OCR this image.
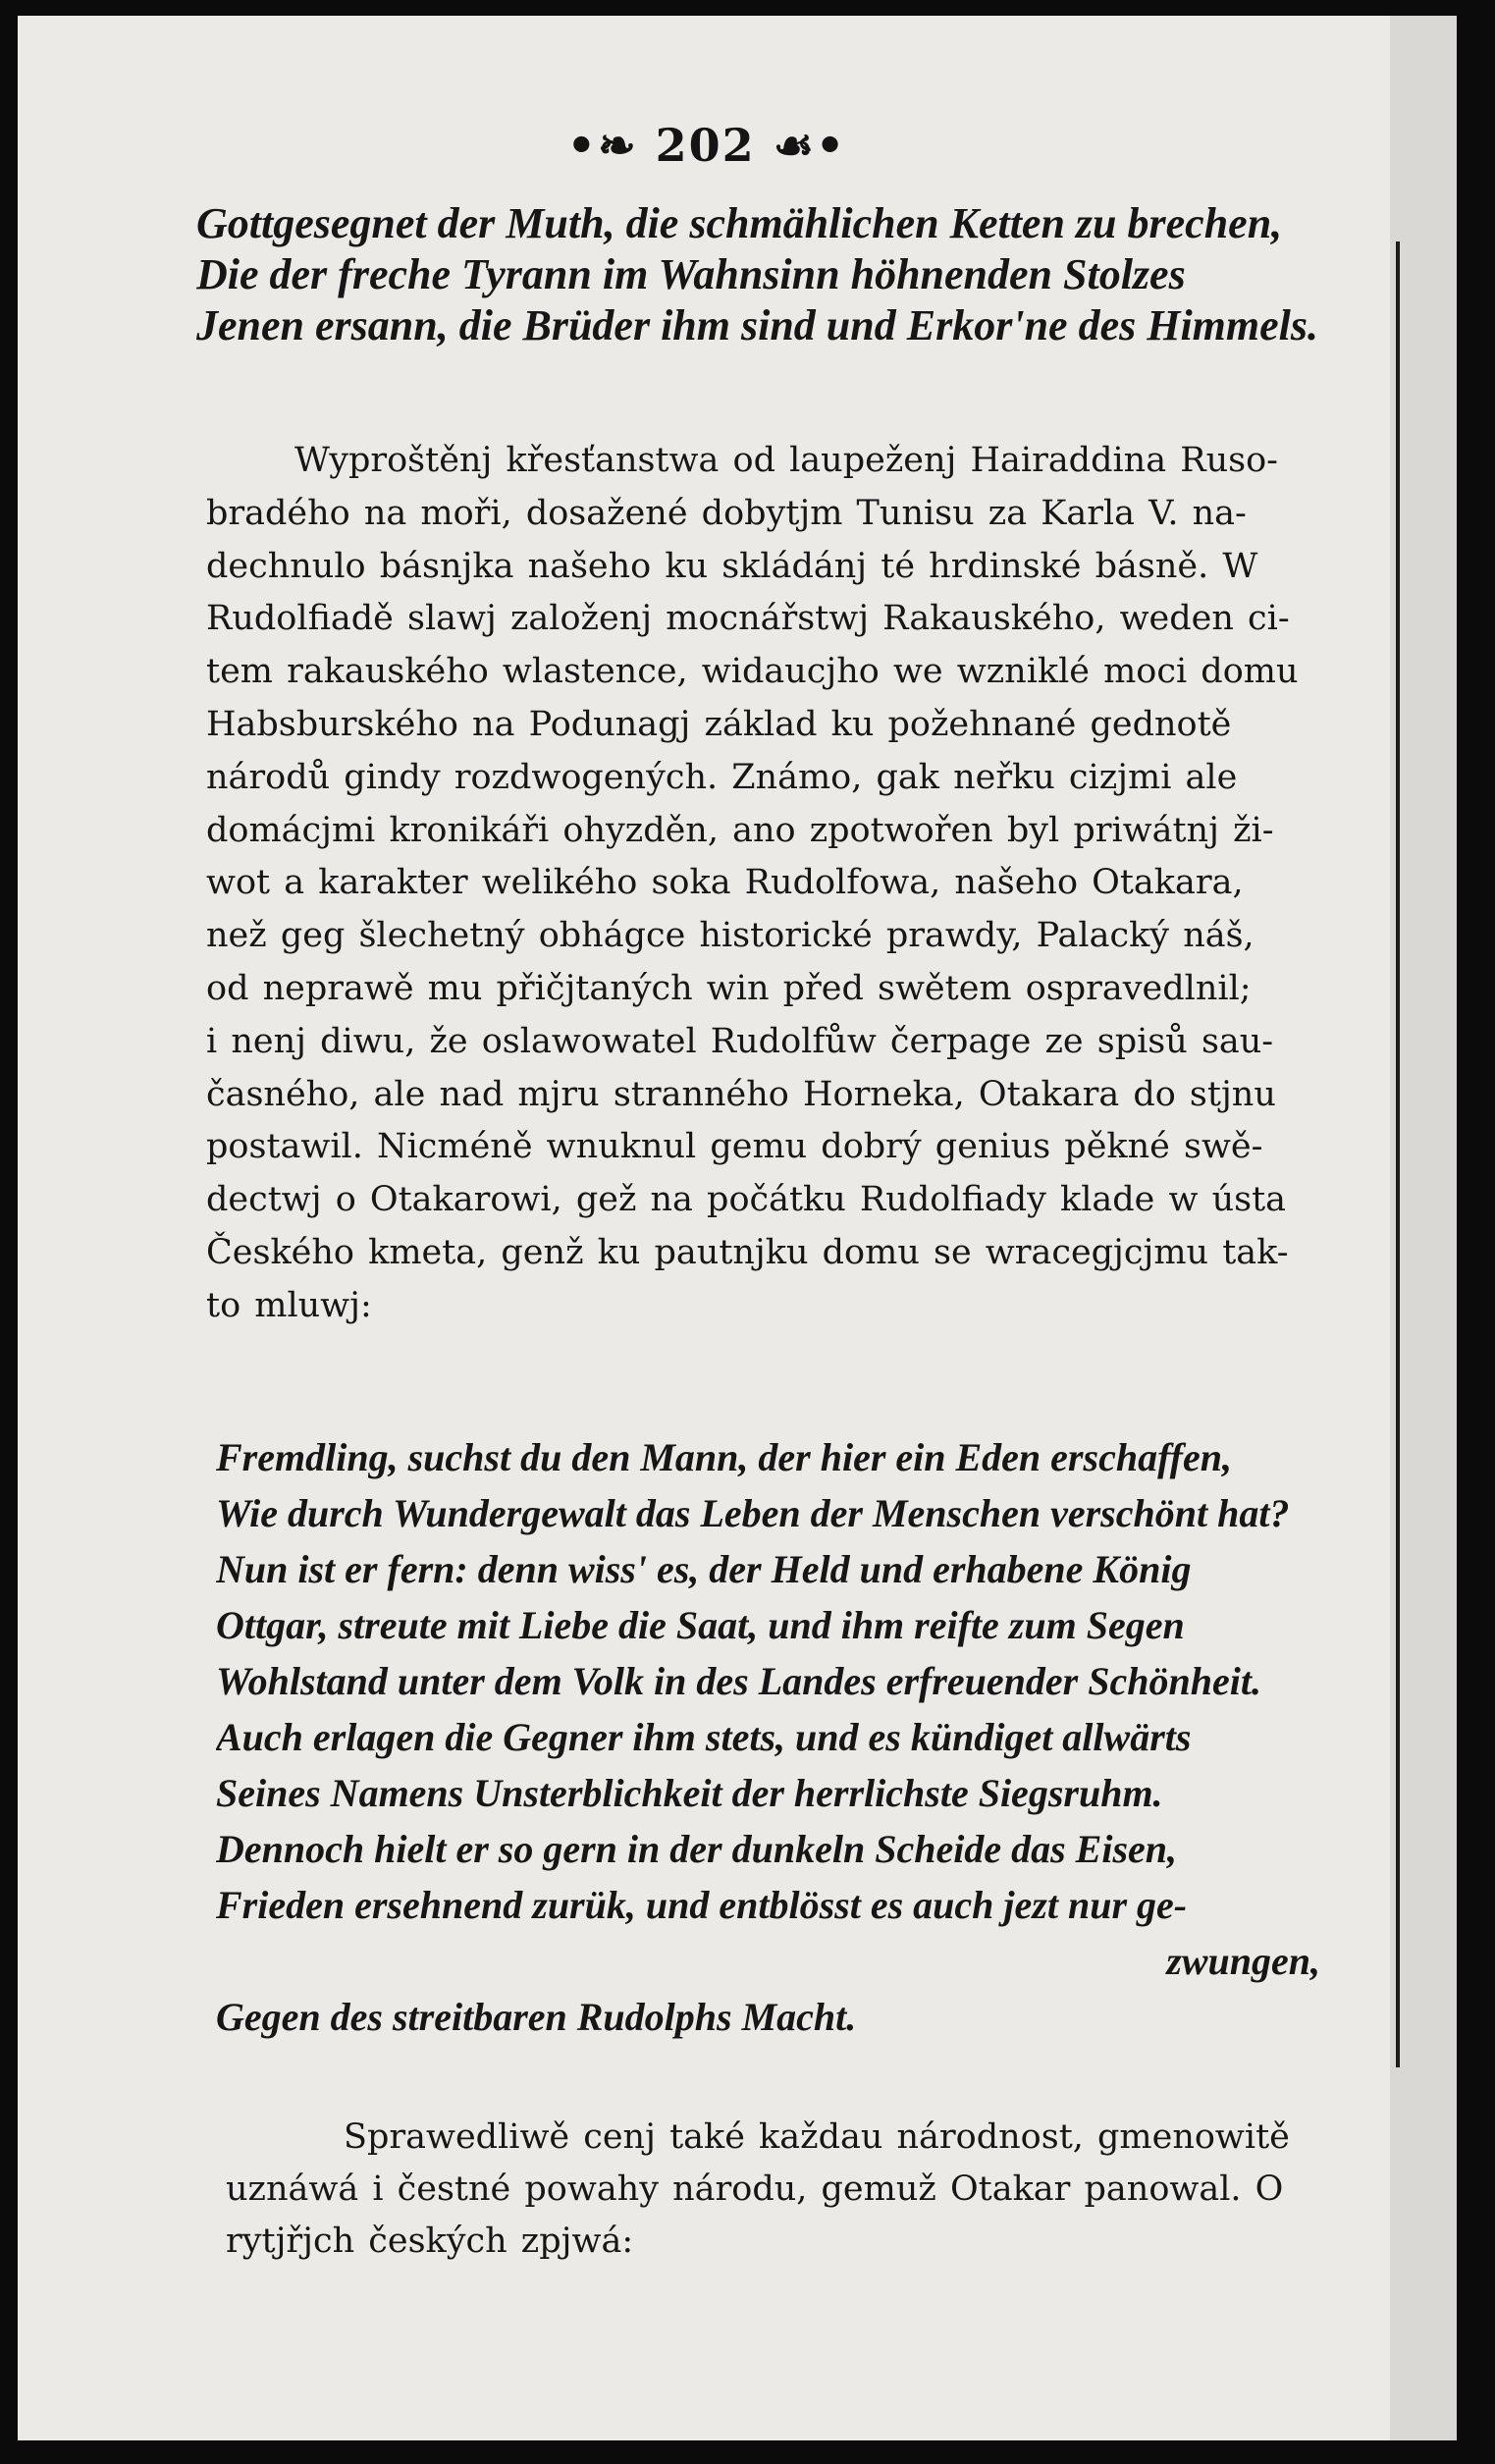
•❧ 202 ☙•
Gottgesegnet der Muth, die schmählichen Ketten zu brechen,
Die der freche Tyrann im Wahnsinn höhnenden Stolzes
Jenen ersann, die Brüder ihm sind und Erkor'ne des Himmels.
Wyproštěnj křesťanstwa od laupeženj Hairaddina Ruso-
bradého na moři, dosažené dobytjm Tunisu za Karla V. na-
dechnulo básnjka našeho ku skládánj té hrdinské básně. W
Rudolfiadě slawj založenj mocnářstwj Rakauského, weden ci-
tem rakauského wlastence, widaucjho we wzniklé moci domu
Habsburského na Podunagj základ ku požehnané gednotě
národů gindy rozdwogených. Známo, gak neřku cizjmi ale
domácjmi kronikáři ohyzděn, ano zpotwořen byl priwátnj ži-
wot a karakter welikého soka Rudolfowa, našeho Otakara,
než geg šlechetný obhágce historické prawdy, Palacký náš,
od neprawě mu přičjtaných win před swětem ospravedlnil;
i nenj diwu, že oslawowatel Rudolfůw čerpage ze spisů sau-
časného, ale nad mjru stranného Horneka, Otakara do stjnu
postawil. Nicméně wnuknul gemu dobrý genius pěkné swě-
dectwj o Otakarowi, gež na počátku Rudolfiady klade w ústa
Českého kmeta, genž ku pautnjku domu se wracegjcjmu tak-
to mluwj:
Fremdling, suchst du den Mann, der hier ein Eden erschaffen,
Wie durch Wundergewalt das Leben der Menschen verschönt hat?
Nun ist er fern: denn wiss' es, der Held und erhabene König
Ottgar, streute mit Liebe die Saat, und ihm reifte zum Segen
Wohlstand unter dem Volk in des Landes erfreuender Schönheit.
Auch erlagen die Gegner ihm stets, und es kündiget allwärts
Seines Namens Unsterblichkeit der herrlichste Siegsruhm.
Dennoch hielt er so gern in der dunkeln Scheide das Eisen,
Frieden ersehnend zurük, und entblösst es auch jezt nur ge-
zwungen,
Gegen des streitbaren Rudolphs Macht.
Sprawedliwě cenj také každau národnost, gmenowitě
uznáwá i čestné powahy národu, gemuž Otakar panowal. O
rytjřjch českých zpjwá:
